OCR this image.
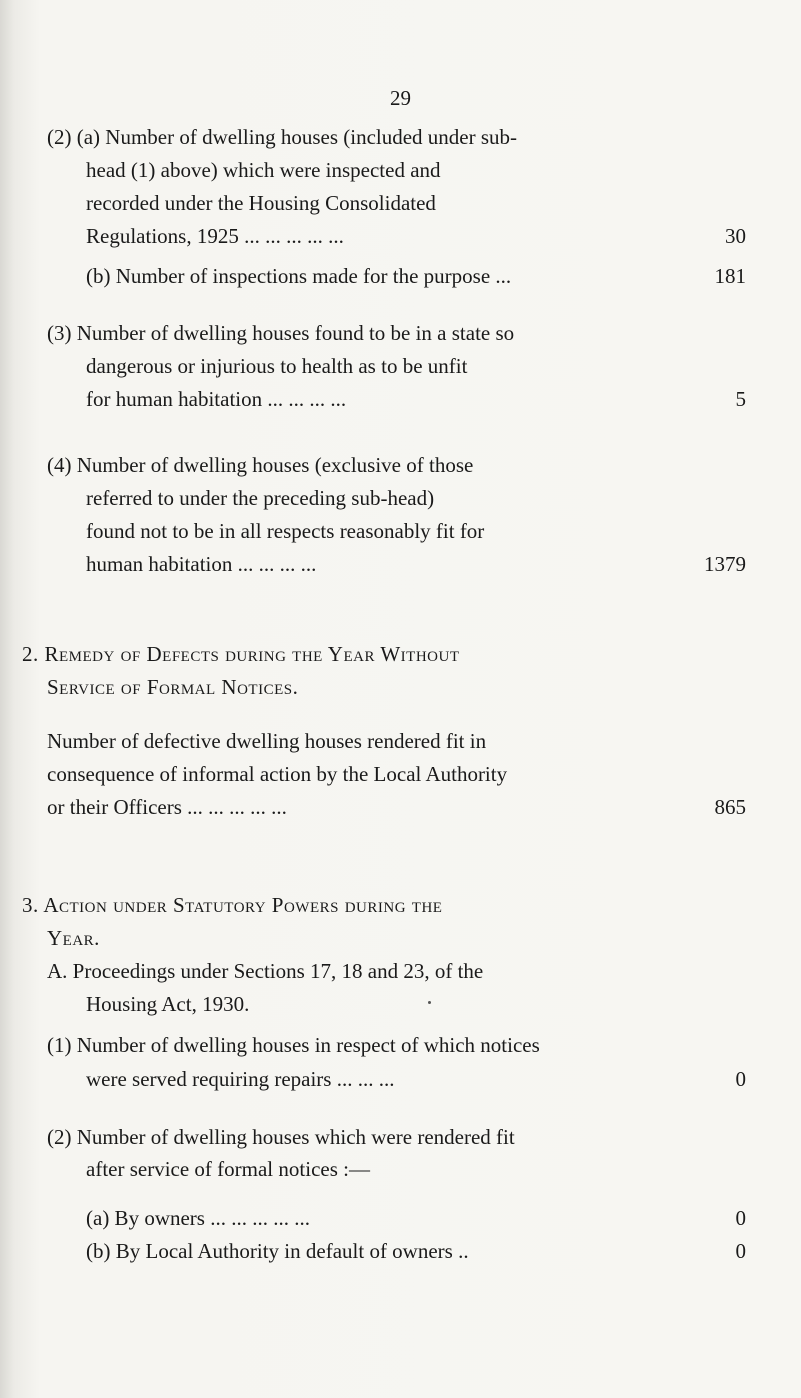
29
(2) (a) Number of dwelling houses (included under sub-
head (1) above) which were inspected and
recorded under the Housing Consolidated
Regulations, 1925 ... ... ... ... ...	30
(b) Number of inspections made for the purpose ...	181
(3) Number of dwelling houses found to be in a state so
dangerous or injurious to health as to be unfit
for human habitation ... ... ... ...	5
(4) Number of dwelling houses (exclusive of those
referred to under the preceding sub-head)
found not to be in all respects reasonably fit for
human habitation ... ... ... ...	1379
2. Remedy of Defects during the Year Without
Service of Formal Notices.
Number of defective dwelling houses rendered fit in
consequence of informal action by the Local Authority
or their Officers ... ... ... ... ...	865
3. Action under Statutory Powers during the
Year.
A. Proceedings under Sections 17, 18 and 23, of the
Housing Act, 1930.
(1) Number of dwelling houses in respect of which notices
were served requiring repairs ... ... ...	0
(2) Number of dwelling houses which were rendered fit
after service of formal notices :—
(a) By owners ... ... ... ... ...	0
(b) By Local Authority in default of owners ..	0
